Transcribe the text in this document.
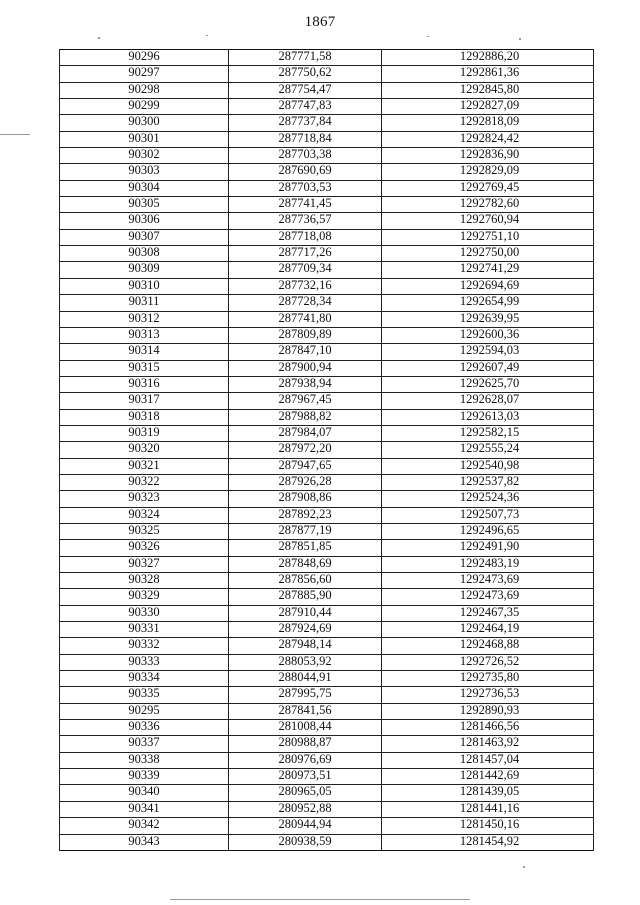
1867
90296	287771,58	1292886,20
90297	287750,62	1292861,36
90298	287754,47	1292845,80
90299	287747,83	1292827,09
90300	287737,84	1292818,09
90301	287718,84	1292824,42
90302	287703,38	1292836,90
90303	287690,69	1292829,09
90304	287703,53	1292769,45
90305	287741,45	1292782,60
90306	287736,57	1292760,94
90307	287718,08	1292751,10
90308	287717,26	1292750,00
90309	287709,34	1292741,29
90310	287732,16	1292694,69
90311	287728,34	1292654,99
90312	287741,80	1292639,95
90313	287809,89	1292600,36
90314	287847,10	1292594,03
90315	287900,94	1292607,49
90316	287938,94	1292625,70
90317	287967,45	1292628,07
90318	287988,82	1292613,03
90319	287984,07	1292582,15
90320	287972,20	1292555,24
90321	287947,65	1292540,98
90322	287926,28	1292537,82
90323	287908,86	1292524,36
90324	287892,23	1292507,73
90325	287877,19	1292496,65
90326	287851,85	1292491,90
90327	287848,69	1292483,19
90328	287856,60	1292473,69
90329	287885,90	1292473,69
90330	287910,44	1292467,35
90331	287924,69	1292464,19
90332	287948,14	1292468,88
90333	288053,92	1292726,52
90334	288044,91	1292735,80
90335	287995,75	1292736,53
90295	287841,56	1292890,93
90336	281008,44	1281466,56
90337	280988,87	1281463,92
90338	280976,69	1281457,04
90339	280973,51	1281442,69
90340	280965,05	1281439,05
90341	280952,88	1281441,16
90342	280944,94	1281450,16
90343	280938,59	1281454,92
